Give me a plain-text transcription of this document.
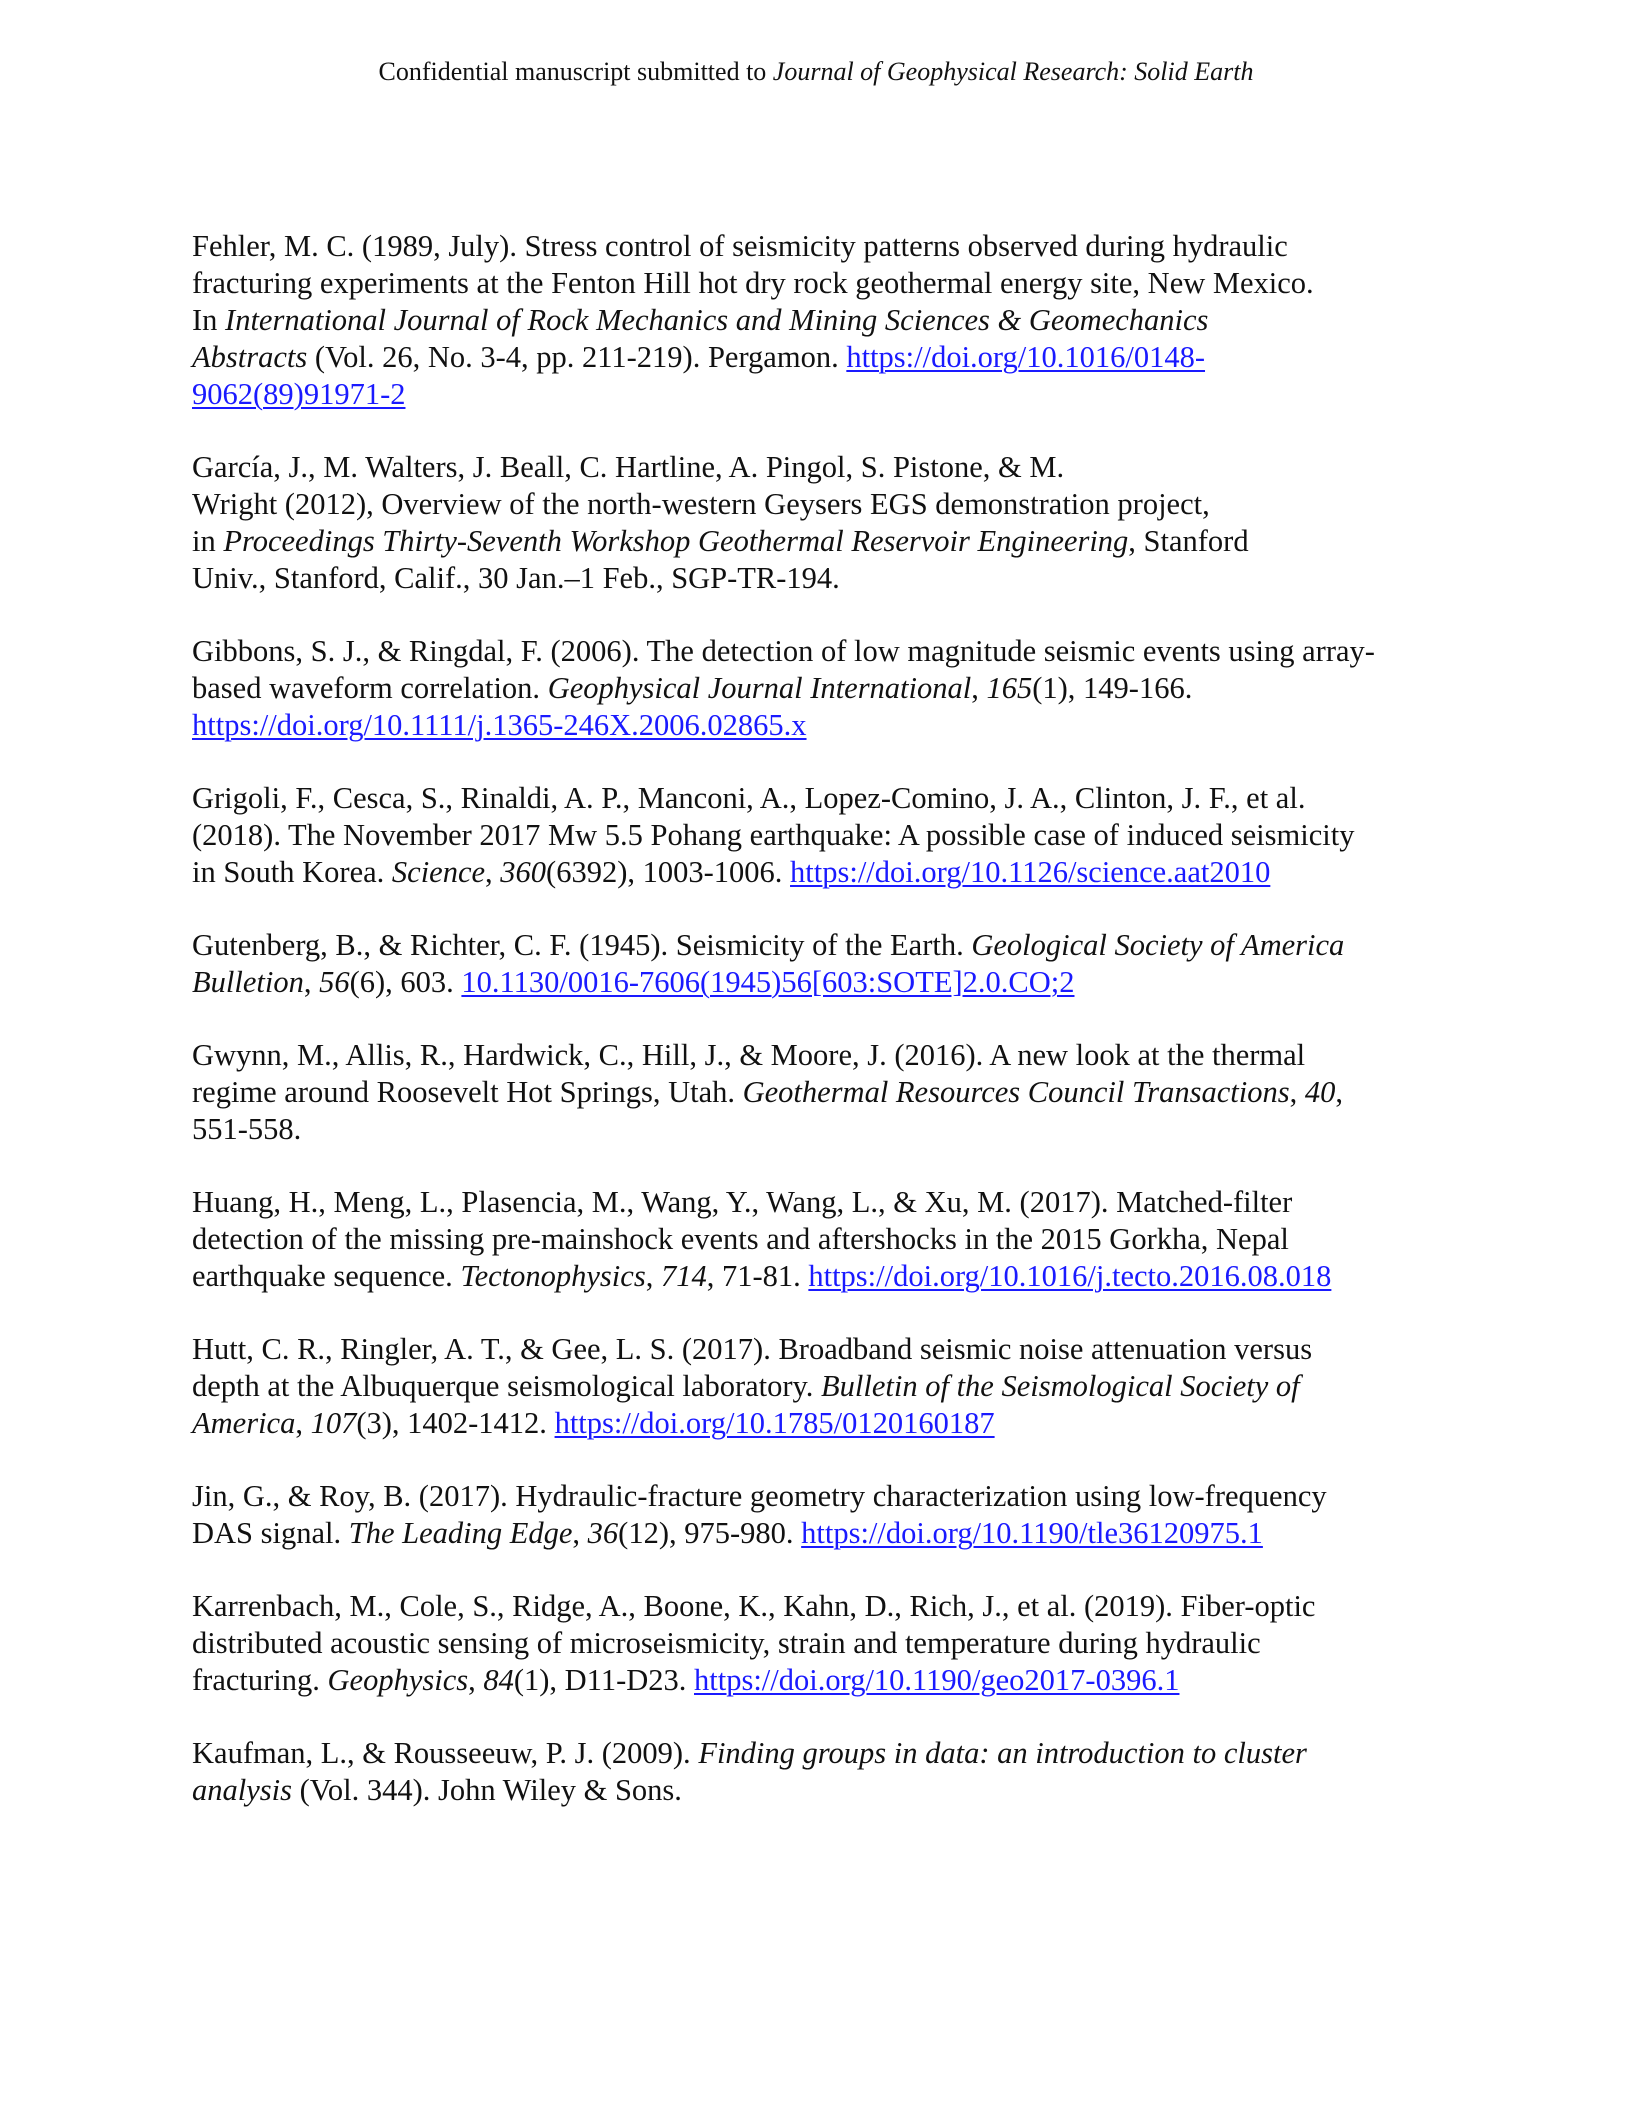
Confidential manuscript submitted to Journal of Geophysical Research: Solid Earth

Fehler, M. C. (1989, July). Stress control of seismicity patterns observed during hydraulic
fracturing experiments at the Fenton Hill hot dry rock geothermal energy site, New Mexico.
In International Journal of Rock Mechanics and Mining Sciences & Geomechanics
Abstracts (Vol. 26, No. 3-4, pp. 211-219). Pergamon. https://doi.org/10.1016/0148-
9062(89)91971-2

García, J., M. Walters, J. Beall, C. Hartline, A. Pingol, S. Pistone, & M.
Wright (2012), Overview of the north-western Geysers EGS demonstration project,
in Proceedings Thirty-Seventh Workshop Geothermal Reservoir Engineering, Stanford
Univ., Stanford, Calif., 30 Jan.–1 Feb., SGP-TR-194.

Gibbons, S. J., & Ringdal, F. (2006). The detection of low magnitude seismic events using array-
based waveform correlation. Geophysical Journal International, 165(1), 149-166.
https://doi.org/10.1111/j.1365-246X.2006.02865.x

Grigoli, F., Cesca, S., Rinaldi, A. P., Manconi, A., Lopez-Comino, J. A., Clinton, J. F., et al.
(2018). The November 2017 Mw 5.5 Pohang earthquake: A possible case of induced seismicity
in South Korea. Science, 360(6392), 1003-1006. https://doi.org/10.1126/science.aat2010

Gutenberg, B., & Richter, C. F. (1945). Seismicity of the Earth. Geological Society of America
Bulletion, 56(6), 603. 10.1130/0016-7606(1945)56[603:SOTE]2.0.CO;2

Gwynn, M., Allis, R., Hardwick, C., Hill, J., & Moore, J. (2016). A new look at the thermal
regime around Roosevelt Hot Springs, Utah. Geothermal Resources Council Transactions, 40,
551-558.

Huang, H., Meng, L., Plasencia, M., Wang, Y., Wang, L., & Xu, M. (2017). Matched-filter
detection of the missing pre-mainshock events and aftershocks in the 2015 Gorkha, Nepal
earthquake sequence. Tectonophysics, 714, 71-81. https://doi.org/10.1016/j.tecto.2016.08.018

Hutt, C. R., Ringler, A. T., & Gee, L. S. (2017). Broadband seismic noise attenuation versus
depth at the Albuquerque seismological laboratory. Bulletin of the Seismological Society of
America, 107(3), 1402-1412. https://doi.org/10.1785/0120160187

Jin, G., & Roy, B. (2017). Hydraulic-fracture geometry characterization using low-frequency
DAS signal. The Leading Edge, 36(12), 975-980. https://doi.org/10.1190/tle36120975.1

Karrenbach, M., Cole, S., Ridge, A., Boone, K., Kahn, D., Rich, J., et al. (2019). Fiber-optic
distributed acoustic sensing of microseismicity, strain and temperature during hydraulic
fracturing. Geophysics, 84(1), D11-D23. https://doi.org/10.1190/geo2017-0396.1

Kaufman, L., & Rousseeuw, P. J. (2009). Finding groups in data: an introduction to cluster
analysis (Vol. 344). John Wiley & Sons.
